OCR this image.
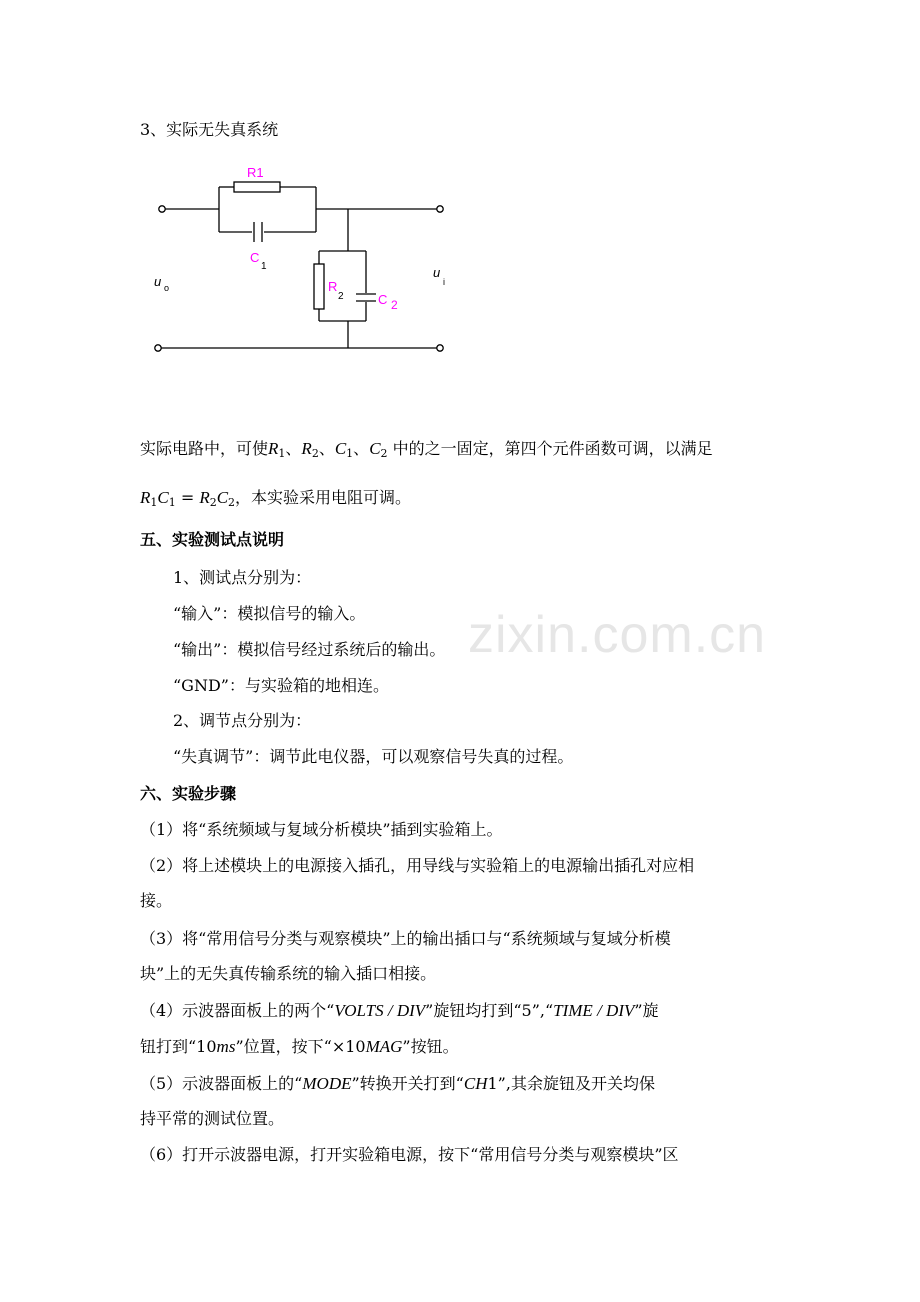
zixin.com.cn
3、实际无失真系统
R1
C
1
R
2	C 2
u o
u
i
实际电路中，可使$R_1$、$R_2$、$C_1$、$C_2$ 中的之一固定，第四个元件函数可调，以满足
$R_1C_1 = R_2C_2$，本实验采用电阻可调。
五、实验测试点说明
1、测试点分别为：
“输入”：模拟信号的输入。
“输出”：模拟信号经过系统后的输出。
“GND”：与实验箱的地相连。
2、调节点分别为：
“失真调节”：调节此电仪器，可以观察信号失真的过程。
六、实验步骤
（1）将“系统频域与复域分析模块”插到实验箱上。
（2）将上述模块上的电源接入插孔，用导线与实验箱上的电源输出插孔对应相
接。
（3）将“常用信号分类与观察模块”上的输出插口与“系统频域与复域分析模
块”上的无失真传输系统的输入插口相接。
（4）示波器面板上的两个“VOLTS / DIV”旋钮均打到“5”,“TIME / DIV”旋
钮打到“10ms”位置，按下“×10MAG”按钮。
（5）示波器面板上的“MODE”转换开关打到“CH1”,其余旋钮及开关均保
持平常的测试位置。
（6）打开示波器电源，打开实验箱电源，按下“常用信号分类与观察模块”区
